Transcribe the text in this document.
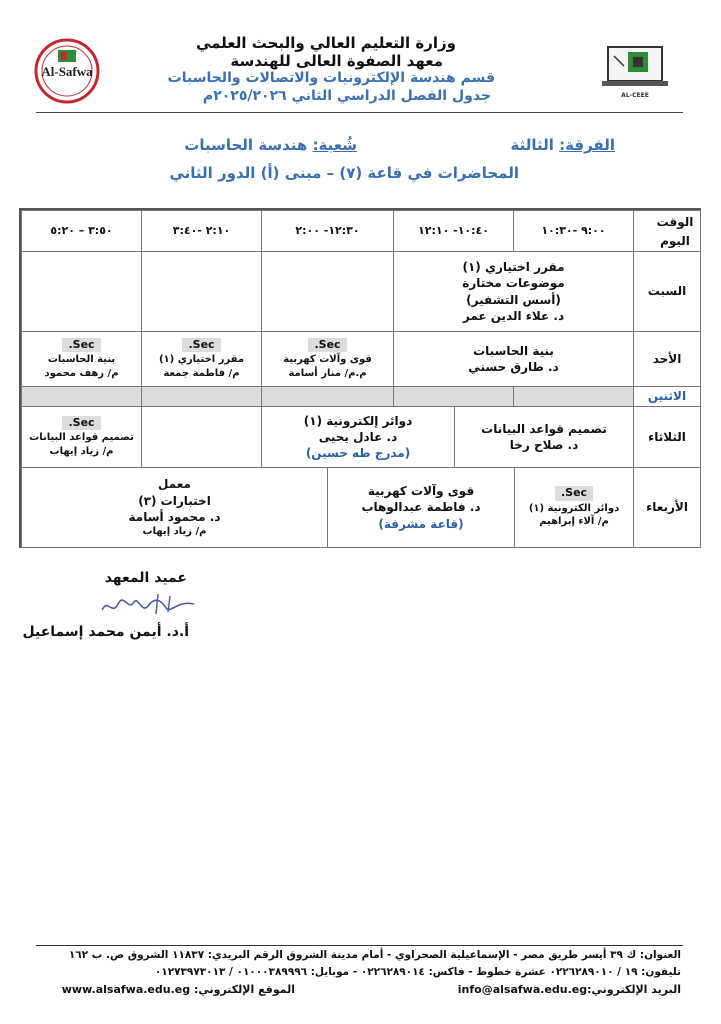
Al-Safwa
AL-CEEE
وزارة التعليم العالي والبحث العلمي
معهد الصفوة العالى للهندسة
قسم هندسة الإلكترونيات والاتصالات والحاسبات
جدول الفصل الدراسي الثاني ٢٠٢٥/٢٠٢٦م
الفرقة: الثالثة
شُعبة: هندسة الحاسبات
المحاضرات في قاعة (٧) – مبنى (أ) الدور الثاني
الوقت
اليوم
٩:٠٠ -١٠:٣٠
١٠:٤٠- ١٢:١٠
١٢:٣٠- ٢:٠٠
٢:١٠ -٣:٤٠
٣:٥٠ – ٥:٢٠
السبت
مقرر اختياري (١)
موضوعات مختارة
(أسس التشفير)
د. علاء الدين عمر
الأحد
بنية الحاسبات
د. طارق حسني
Sec.
قوى وآلات كهربية
م.م/ منار أسامة
Sec.
مقرر اختياري (١)
م/ فاطمة جمعة
Sec.
بنية الحاسبات
م/ رهف محمود
الاثنين
الثلاثاء
تصميم قواعد البيانات
د. صلاح رخا
دوائر إلكترونية (١)
د. عادل يحيى
(مدرج طه حسين)
Sec.
تصميم قواعد البيانات
م/ زياد إيهاب
الأربعاء
Sec.
دوائر الكترونية (١)
م/ آلاء إبراهيم
قوى وآلات كهربية
د. فاطمة عبدالوهاب
(قاعة مشرفة)
معمل
اختبارات (٣)
د. محمود أسامة
م/ زياد إيهاب
عميد المعهد
أ.د. أيمن محمد إسماعيل
العنوان: ك ٣٩ أيسر طريق مصر - الإسماعيلية الصحراوي - أمام مدينة الشروق الرقم البريدي: ١١٨٣٧ الشروق ص. ب ١٦٢
تليفون: ١٩ / ٠٢٢٦٢٨٩٠١٠ عشرة خطوط - فاكس: ٠٢٢٦٢٨٩٠١٤ - موبايل: ٠١٠٠٠٣٨٩٩٩٦ / ٠١٢٧٣٩٧٣٠١٣
البريد الإلكتروني:info@alsafwa.edu.eg
الموقع الإلكتروني: www.alsafwa.edu.eg
